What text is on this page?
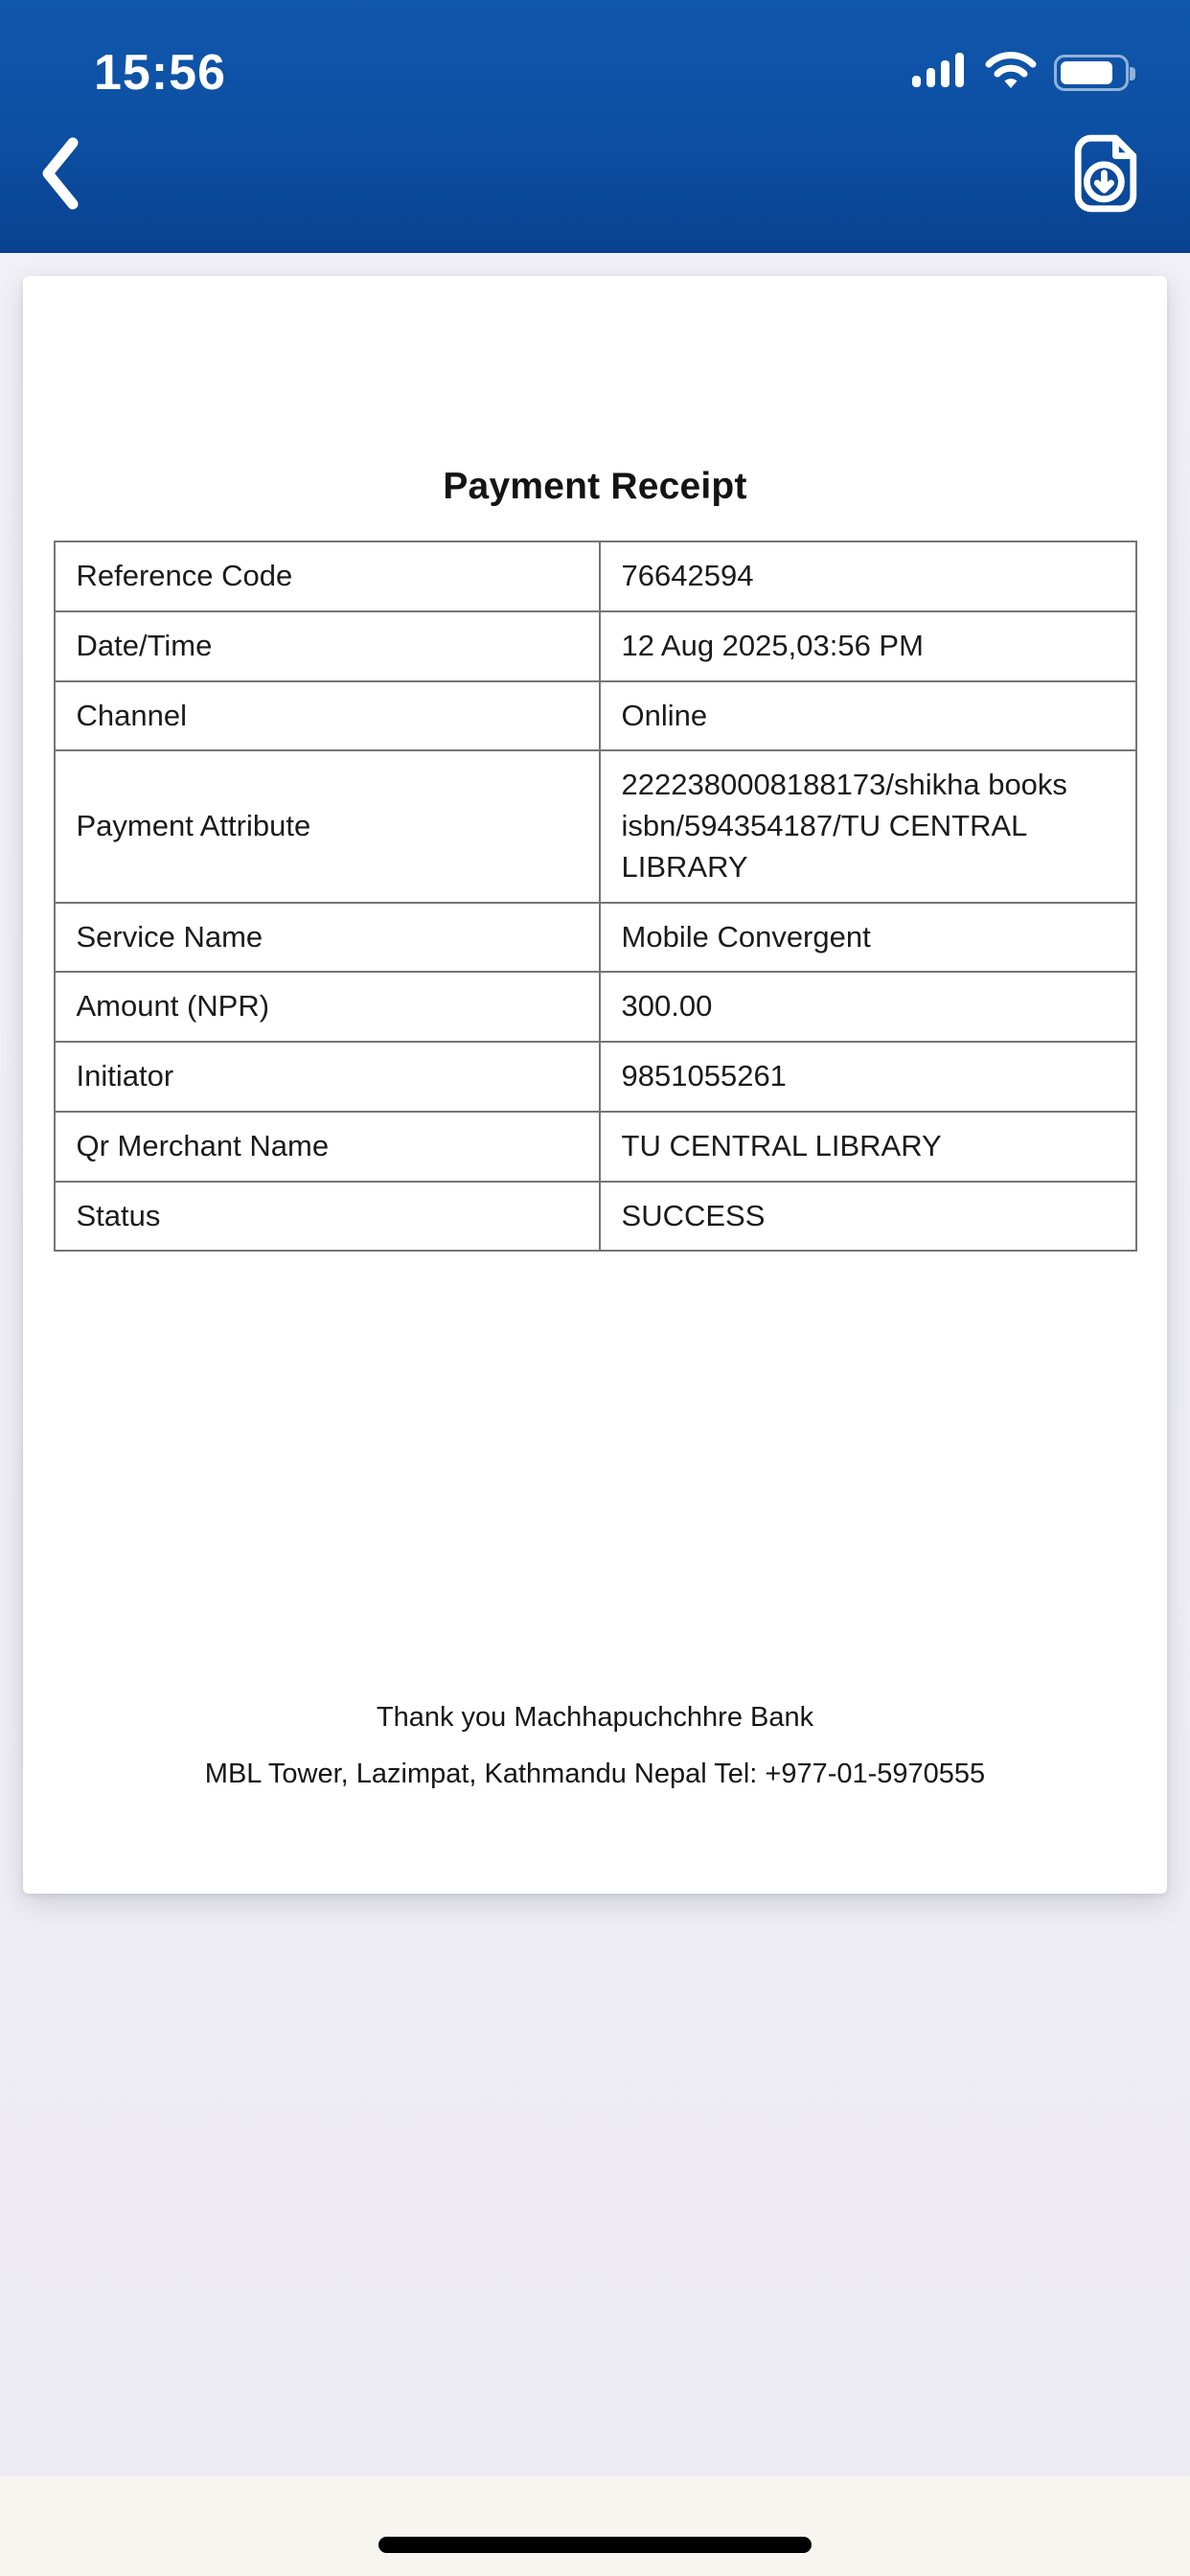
15:56
Payment Receipt
Reference Code	76642594
Date/Time	12 Aug 2025,03:56 PM
Channel	Online
Payment Attribute	2222380008188173/shikha books isbn/594354187/TU CENTRAL LIBRARY
Service Name	Mobile Convergent
Amount (NPR)	300.00
Initiator	9851055261
Qr Merchant Name	TU CENTRAL LIBRARY
Status	SUCCESS

Thank you Machhapuchchhre Bank

MBL Tower, Lazimpat, Kathmandu Nepal Tel: +977-01-5970555
